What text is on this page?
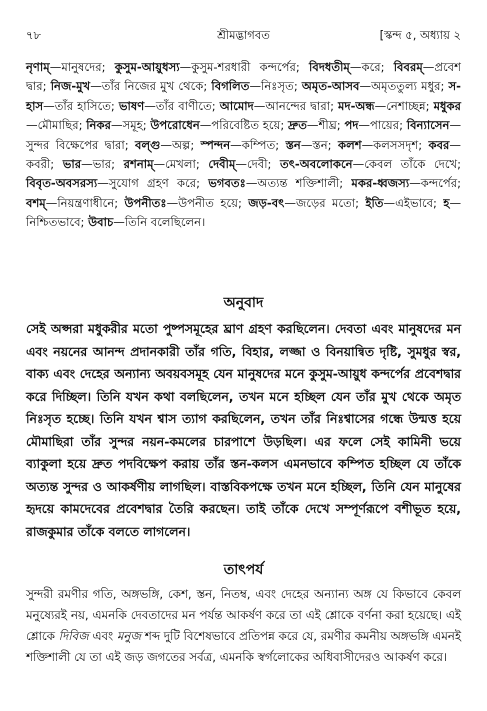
৭৮	শ্রীমদ্ভাগবত	[স্কন্দ ৫, অধ্যায় ২
নৃণাম্—মানুষদের; কুসুম-আয়ুধস্য—কুসুম-শরধারী কন্দর্পের; বিদধতীম্—করে; বিবরম্—প্রবেশ দ্বার; নিজ-মুখ—তাঁর নিজের মুখ থেকে; বিগলিত—নিঃসৃত; অমৃত-আসব—অমৃততুল্য মধুর; স-হাস—তাঁর হাসিতে; ভাষণ—তাঁর বাণীতে; আমোদ—আনন্দের দ্বারা; মদ-অন্ধ—নেশাচ্ছন্ন; মধুকর—মৌমাছির; নিকর—সমূহ; উপরোধেন—পরিবেষ্টিত হয়ে; দ্রুত—শীঘ্র; পদ—পায়ের; বিন্যাসেন—সুন্দর বিক্ষেপের দ্বারা; বল্গু—অল্প; স্পন্দন—কম্পিত; স্তন—স্তন; কলশ—কলসসদৃশ; কবর—কবরী; ভার—ভার; রশনাম্—মেখলা; দেবীম্—দেবী; তৎ-অবলোকনে—কেবল তাঁকে দেখে; বিবৃত-অবসরস্য—সুযোগ গ্রহণ করে; ভগবতঃ—অত্যন্ত শক্তিশালী; মকর-ধ্বজস্য—কন্দর্পের; বশম্—নিয়ন্ত্রণাধীনে; উপনীতঃ—উপনীত হয়ে; জড়-বৎ—জড়ের মতো; ইতি—এইভাবে; হ—নিশ্চিতভাবে; উবাচ—তিনি বলেছিলেন।
অনুবাদ
সেই অপ্সরা মধুকরীর মতো পুষ্পসমূহের ঘ্রাণ গ্রহণ করছিলেন। দেবতা এবং মানুষদের মন এবং নয়নের আনন্দ প্রদানকারী তাঁর গতি, বিহার, লজ্জা ও বিনয়ান্বিত দৃষ্টি, সুমধুর স্বর, বাক্য এবং দেহের অন্যান্য অবয়বসমূহ যেন মানুষদের মনে কুসুম-আয়ুধ কন্দর্পের প্রবেশদ্বার করে দিচ্ছিল। তিনি যখন কথা বলছিলেন, তখন মনে হচ্ছিল যেন তাঁর মুখ থেকে অমৃত নিঃসৃত হচ্ছে। তিনি যখন শ্বাস ত্যাগ করছিলেন, তখন তাঁর নিঃশ্বাসের গন্ধে উন্মত্ত হয়ে মৌমাছিরা তাঁর সুন্দর নয়ন-কমলের চারপাশে উড়ছিল। এর ফলে সেই কামিনী ভয়ে ব্যাকুলা হয়ে দ্রুত পদবিক্ষেপ করায় তাঁর স্তন-কলস এমনভাবে কম্পিত হচ্ছিল যে তাঁকে অত্যন্ত সুন্দর ও আকর্ষণীয় লাগছিল। বাস্তবিকপক্ষে তখন মনে হচ্ছিল, তিনি যেন মানুষের হৃদয়ে কামদেবের প্রবেশদ্বার তৈরি করছেন। তাই তাঁকে দেখে সম্পূর্ণরূপে বশীভূত হয়ে, রাজকুমার তাঁকে বলতে লাগলেন।
তাৎপর্য
সুন্দরী রমণীর গতি, অঙ্গভঙ্গি, কেশ, স্তন, নিতম্ব, এবং দেহের অন্যান্য অঙ্গ যে কিভাবে কেবল মনুষ্যেরই নয়, এমনকি দেবতাদের মন পর্যন্ত আকর্ষণ করে তা এই শ্লোকে বর্ণনা করা হয়েছে। এই শ্লোকে দিবিজ এবং মনুজ শব্দ দুটি বিশেষভাবে প্রতিপন্ন করে যে, রমণীর কমনীয় অঙ্গভঙ্গি এমনই শক্তিশালী যে তা এই জড় জগতের সর্বত্র, এমনকি স্বর্গলোকের অধিবাসীদেরও আকর্ষণ করে।
